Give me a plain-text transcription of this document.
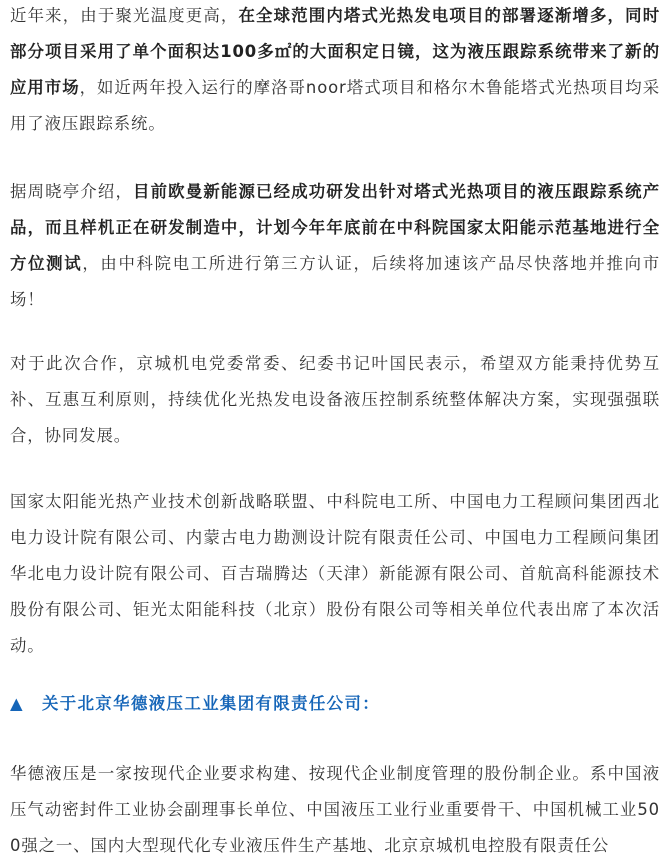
近年来，由于聚光温度更高，在全球范围内塔式光热发电项目的部署逐渐增多，同时部分项目采用了单个面积达100多㎡的大面积定日镜，这为液压跟踪系统带来了新的应用市场，如近两年投入运行的摩洛哥noor塔式项目和格尔木鲁能塔式光热项目均采用了液压跟踪系统。

据周晓亭介绍，目前欧曼新能源已经成功研发出针对塔式光热项目的液压跟踪系统产品，而且样机正在研发制造中，计划今年年底前在中科院国家太阳能示范基地进行全方位测试，由中科院电工所进行第三方认证，后续将加速该产品尽快落地并推向市场！

对于此次合作，京城机电党委常委、纪委书记叶国民表示，希望双方能秉持优势互补、互惠互利原则，持续优化光热发电设备液压控制系统整体解决方案，实现强强联合，协同发展。

国家太阳能光热产业技术创新战略联盟、中科院电工所、中国电力工程顾问集团西北电力设计院有限公司、内蒙古电力勘测设计院有限责任公司、中国电力工程顾问集团华北电力设计院有限公司、百吉瑞腾达（天津）新能源有限公司、首航高科能源技术股份有限公司、钜光太阳能科技（北京）股份有限公司等相关单位代表出席了本次活动。

▲ 关于北京华德液压工业集团有限责任公司：

华德液压是一家按现代企业要求构建、按现代企业制度管理的股份制企业。系中国液压气动密封件工业协会副理事长单位、中国液压工业行业重要骨干、中国机械工业500强之一、国内大型现代化专业液压件生产基地、北京京城机电控股有限责任公
